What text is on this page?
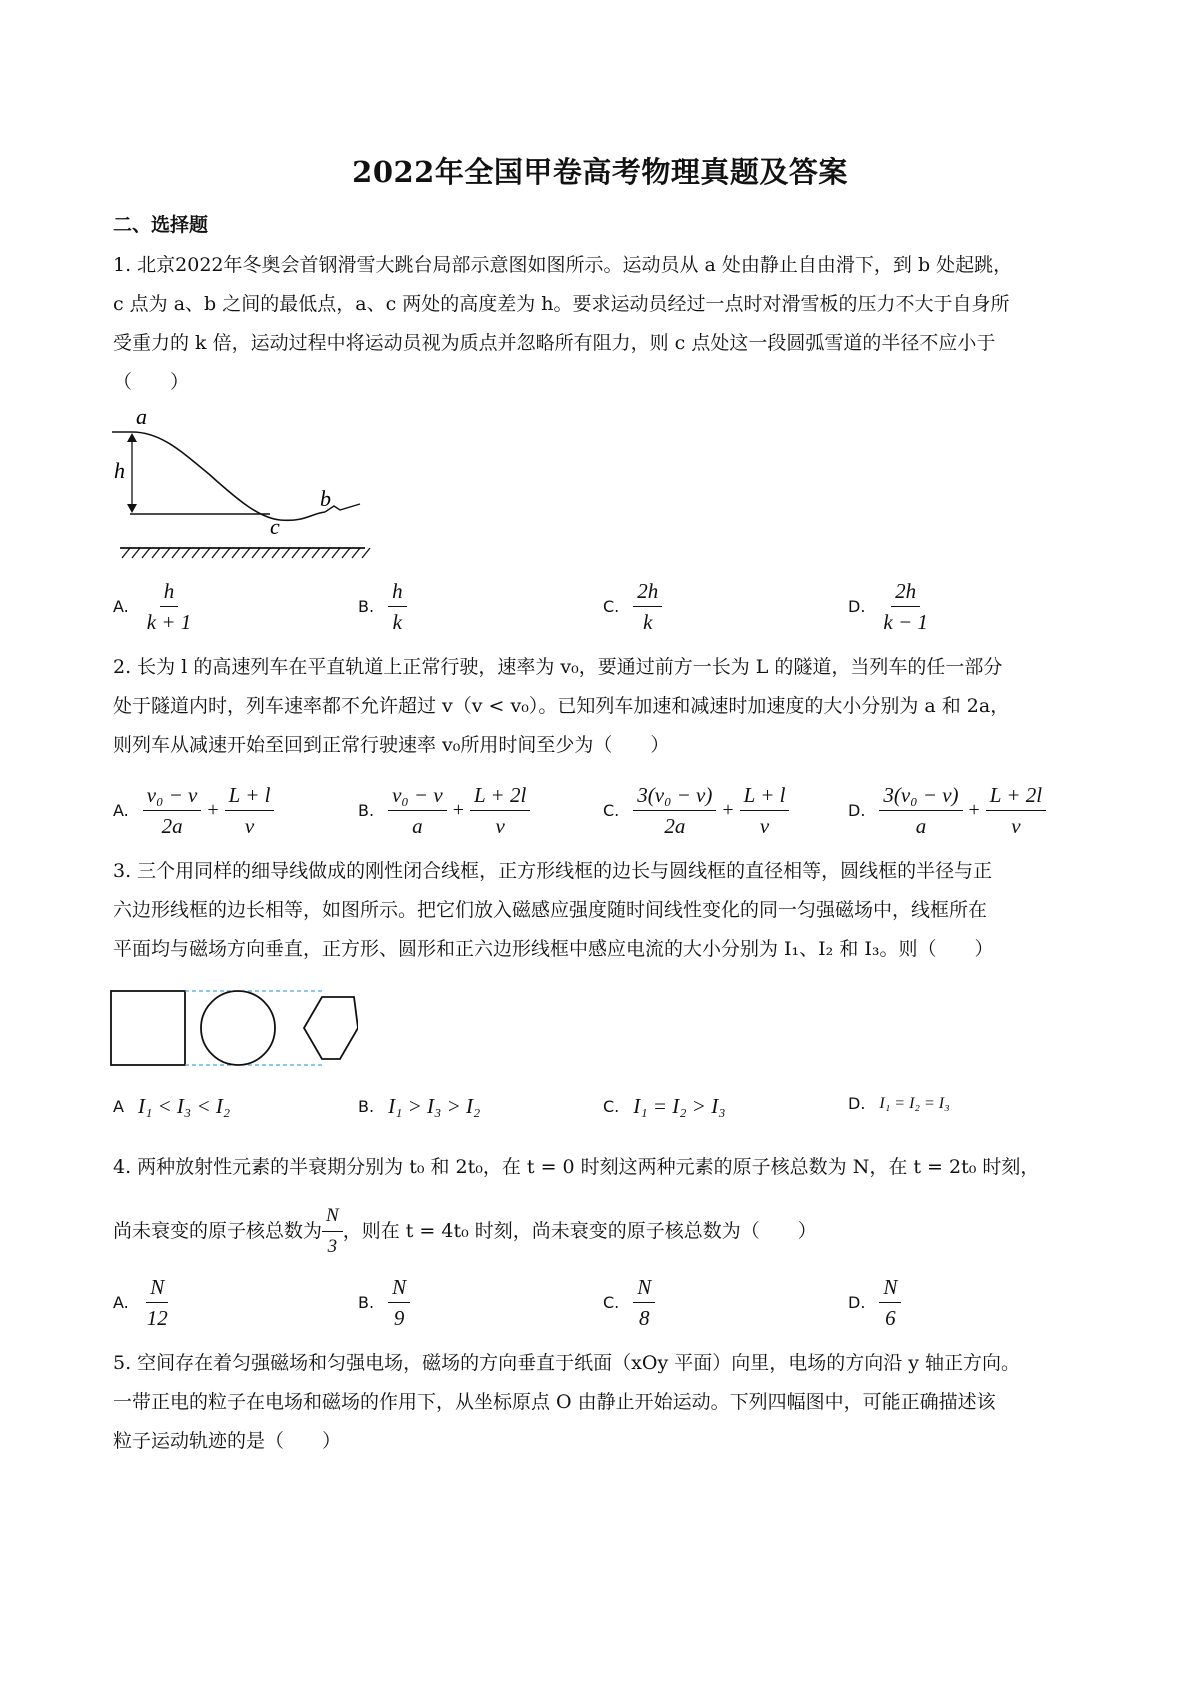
2022年全国甲卷高考物理真题及答案
二、选择题
1. 北京2022年冬奥会首钢滑雪大跳台局部示意图如图所示。运动员从 a 处由静止自由滑下，到 b 处起跳，
c 点为 a、b 之间的最低点，a、c 两处的高度差为 h。要求运动员经过一点时对滑雪板的压力不大于自身所
受重力的 k 倍，运动过程中将运动员视为质点并忽略所有阻力，则 c 点处这一段圆弧雪道的半径不应小于
（　　）
a
h
b
c
A. $\frac{h}{k + 1}$	B. $\frac{h}{k}$	C. $\frac{2h}{k}$	D. $\frac{2h}{k - 1}$
2. 长为 l 的高速列车在平直轨道上正常行驶，速率为 v₀，要通过前方一长为 L 的隧道，当列车的任一部分
处于隧道内时，列车速率都不允许超过 v（v < v₀）。已知列车加速和减速时加速度的大小分别为 a 和 2a，
则列车从减速开始至回到正常行驶速率 v₀所用时间至少为（　　）
A. $\frac{\text{v₀ − v}}{2a} + \frac{L + l}{v}$	B. $\frac{\text{v₀ − v}}{a} + \frac{L + 2l}{v}$	C. $\frac{\text{3(v₀ − v)}}{2a} + \frac{L + l}{v}$	D. $\frac{\text{3(v₀ − v)}}{a} + \frac{L + 2l}{v}$
3. 三个用同样的细导线做成的刚性闭合线框，正方形线框的边长与圆线框的直径相等，圆线框的半径与正
六边形线框的边长相等，如图所示。把它们放入磁感应强度随时间线性变化的同一匀强磁场中，线框所在
平面均与磁场方向垂直，正方形、圆形和正六边形线框中感应电流的大小分别为 I₁、I₂ 和 I₃。则（　　）
A I₁ < I₃ < I₂	B. I₁ > I₃ > I₂	C. I₁ = I₂ > I₃	D. I₁ = I₂ = I₃
4. 两种放射性元素的半衰期分别为 t₀ 和 2t₀，在 t = 0 时刻这两种元素的原子核总数为 N，在 t = 2t₀ 时刻，
尚未衰变的原子核总数为 $\frac{N}{3}$ ，则在 t = 4t₀ 时刻，尚未衰变的原子核总数为（　　）
A. $\frac{N}{12}$	B. $\frac{N}{9}$	C. $\frac{N}{8}$	D. $\frac{N}{6}$
5. 空间存在着匀强磁场和匀强电场，磁场的方向垂直于纸面（xOy 平面）向里，电场的方向沿 y 轴正方向。
一带正电的粒子在电场和磁场的作用下，从坐标原点 O 由静止开始运动。下列四幅图中，可能正确描述该
粒子运动轨迹的是（　　）
